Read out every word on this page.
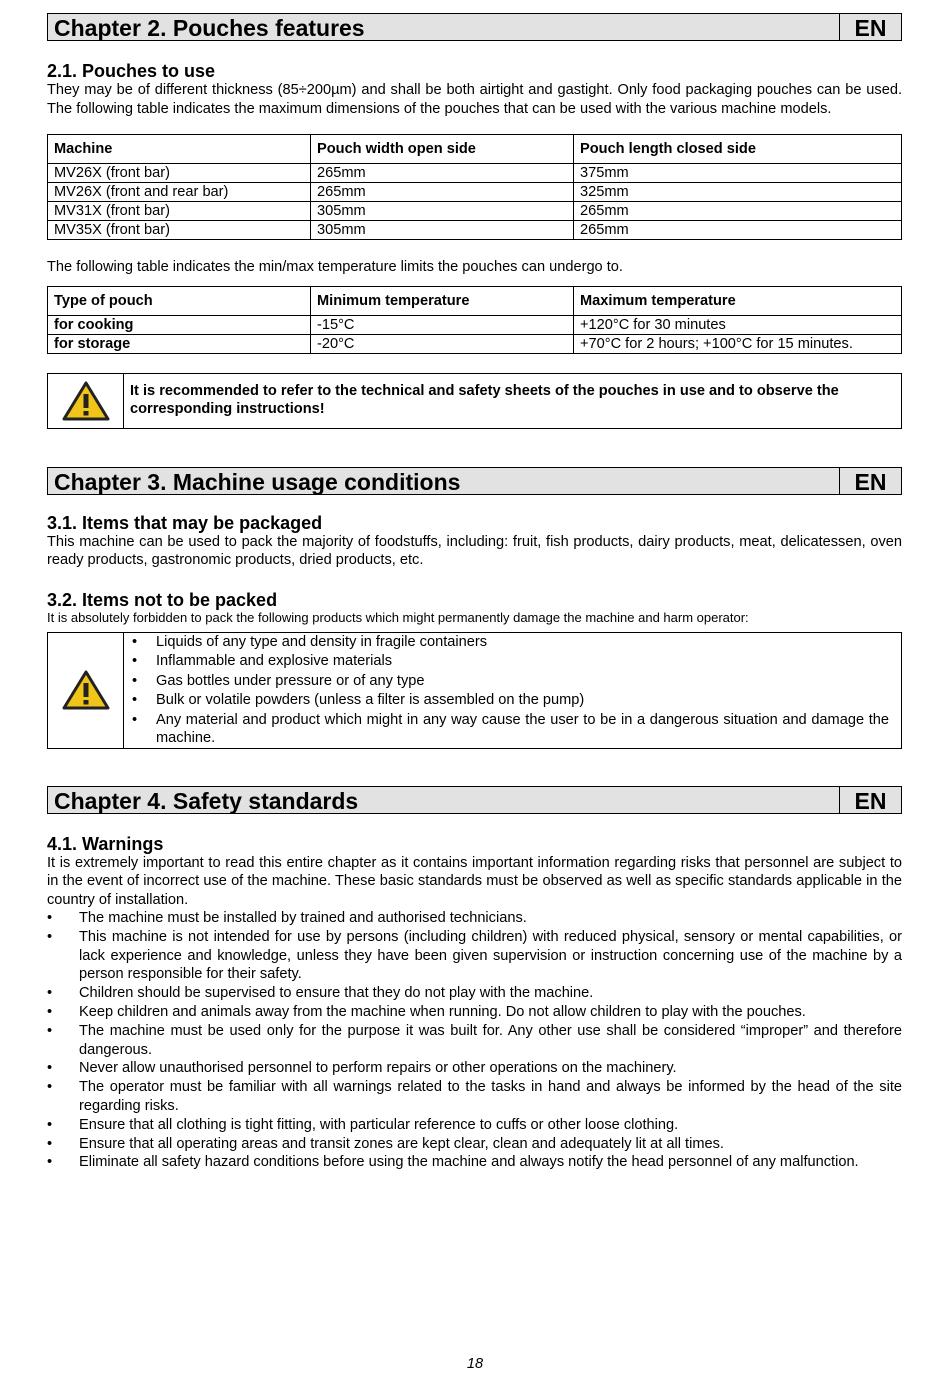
Chapter 2. Pouches features	EN
2.1. Pouches to use

They may be of different thickness (85÷200µm) and shall be both airtight and gastight. Only food packaging pouches can be used. The following table indicates the maximum dimensions of the pouches that can be used with the various machine models.

Machine	Pouch width open side	Pouch length closed side
MV26X (front bar)	265mm	375mm
MV26X (front and rear bar)	265mm	325mm
MV31X (front bar)	305mm	265mm
MV35X (front bar)	305mm	265mm

The following table indicates the min/max temperature limits the pouches can undergo to.

Type of pouch	Minimum temperature	Maximum temperature
for cooking	-15°C	+120°C for 30 minutes
for storage	-20°C	+70°C for 2 hours; +100°C for 15 minutes.
It is recommended to refer to the technical and safety sheets of the pouches in use and to observe the corresponding instructions!
Chapter 3. Machine usage conditions	EN
3.1. Items that may be packaged

This machine can be used to pack the majority of foodstuffs, including: fruit, fish products, dairy products, meat, delicatessen, oven ready products, gastronomic products, dried products, etc.

3.2. Items not to be packed

It is absolutely forbidden to pack the following products which might permanently damage the machine and harm operator:

• Liquids of any type and density in fragile containers
• Inflammable and explosive materials
• Gas bottles under pressure or of any type
• Bulk or volatile powders (unless a filter is assembled on the pump)
• Any material and product which might in any way cause the user to be in a dangerous situation and damage the machine.
Chapter 4. Safety standards	EN
4.1. Warnings

It is extremely important to read this entire chapter as it contains important information regarding risks that personnel are subject to in the event of incorrect use of the machine. These basic standards must be observed as well as specific standards applicable in the country of installation.

• The machine must be installed by trained and authorised technicians.
• This machine is not intended for use by persons (including children) with reduced physical, sensory or mental capabilities, or lack experience and knowledge, unless they have been given supervision or instruction concerning use of the machine by a person responsible for their safety.
• Children should be supervised to ensure that they do not play with the machine.
• Keep children and animals away from the machine when running. Do not allow children to play with the pouches.
• The machine must be used only for the purpose it was built for. Any other use shall be considered “improper” and therefore dangerous.
• Never allow unauthorised personnel to perform repairs or other operations on the machinery.
• The operator must be familiar with all warnings related to the tasks in hand and always be informed by the head of the site regarding risks.
• Ensure that all clothing is tight fitting, with particular reference to cuffs or other loose clothing.
• Ensure that all operating areas and transit zones are kept clear, clean and adequately lit at all times.
• Eliminate all safety hazard conditions before using the machine and always notify the head personnel of any malfunction.
18
